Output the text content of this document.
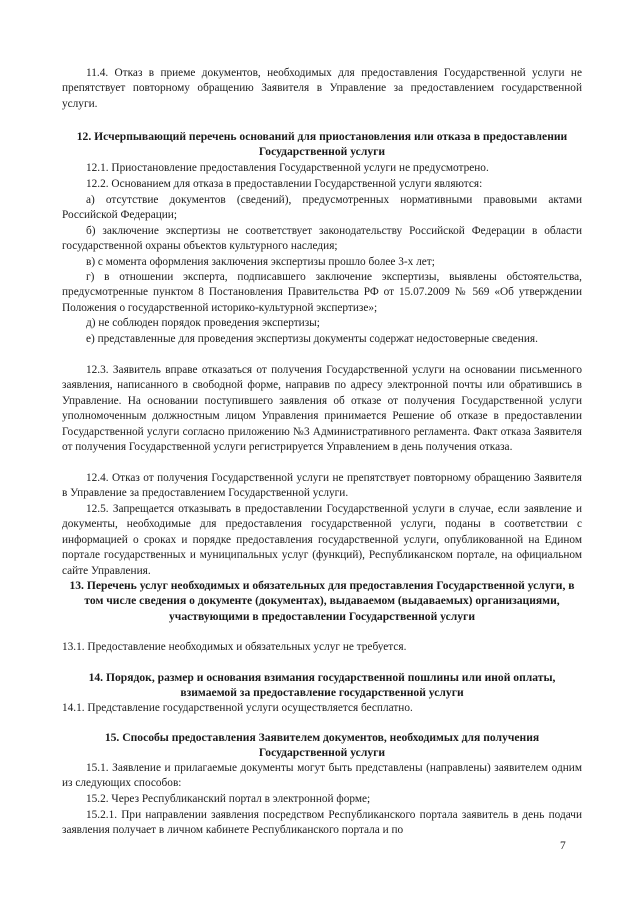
11.4. Отказ в приеме документов, необходимых для предоставления Государственной услуги не препятствует повторному обращению Заявителя в Управление за предоставлением государственной услуги.

12. Исчерпывающий перечень оснований для приостановления или отказа в предоставлении Государственной услуги

12.1. Приостановление предоставления Государственной услуги не предусмотрено.

12.2. Основанием для отказа в предоставлении Государственной услуги являются:

а) отсутствие документов (сведений), предусмотренных нормативными правовыми актами Российской Федерации;

б) заключение экспертизы не соответствует законодательству Российской Федерации в области государственной охраны объектов культурного наследия;

в) с момента оформления заключения экспертизы прошло более 3-х лет;

г) в отношении эксперта, подписавшего заключение экспертизы, выявлены обстоятельства, предусмотренные пунктом 8 Постановления Правительства РФ от 15.07.2009 № 569 «Об утверждении Положения о государственной историко-культурной экспертизе»;

д) не соблюден порядок проведения экспертизы;

е) представленные для проведения экспертизы документы содержат недостоверные сведения.

12.3. Заявитель вправе отказаться от получения Государственной услуги на основании письменного заявления, написанного в свободной форме, направив по адресу электронной почты или обратившись в Управление. На основании поступившего заявления об отказе от получения Государственной услуги уполномоченным должностным лицом Управления принимается Решение об отказе в предоставлении Государственной услуги согласно приложению №3 Административного регламента. Факт отказа Заявителя от получения Государственной услуги регистрируется Управлением в день получения отказа.

12.4. Отказ от получения Государственной услуги не препятствует повторному обращению Заявителя в Управление за предоставлением Государственной услуги.

12.5. Запрещается отказывать в предоставлении Государственной услуги в случае, если заявление и документы, необходимые для предоставления государственной услуги, поданы в соответствии с информацией о сроках и порядке предоставления государственной услуги, опубликованной на Едином портале государственных и муниципальных услуг (функций), Республиканском портале, на официальном сайте Управления.

13. Перечень услуг необходимых и обязательных для предоставления Государственной услуги, в том числе сведения о документе (документах), выдаваемом (выдаваемых) организациями, участвующими в предоставлении Государственной услуги

13.1. Предоставление необходимых и обязательных услуг не требуется.

14. Порядок, размер и основания взимания государственной пошлины или иной оплаты, взимаемой за предоставление государственной услуги

14.1. Представление государственной услуги осуществляется бесплатно.

15. Способы предоставления Заявителем документов, необходимых для получения Государственной услуги

15.1. Заявление и прилагаемые документы могут быть представлены (направлены) заявителем одним из следующих способов:

15.2. Через Республиканский портал в электронной форме;

15.2.1. При направлении заявления посредством Республиканского портала заявитель в день подачи заявления получает в личном кабинете Республиканского портала и по

7
